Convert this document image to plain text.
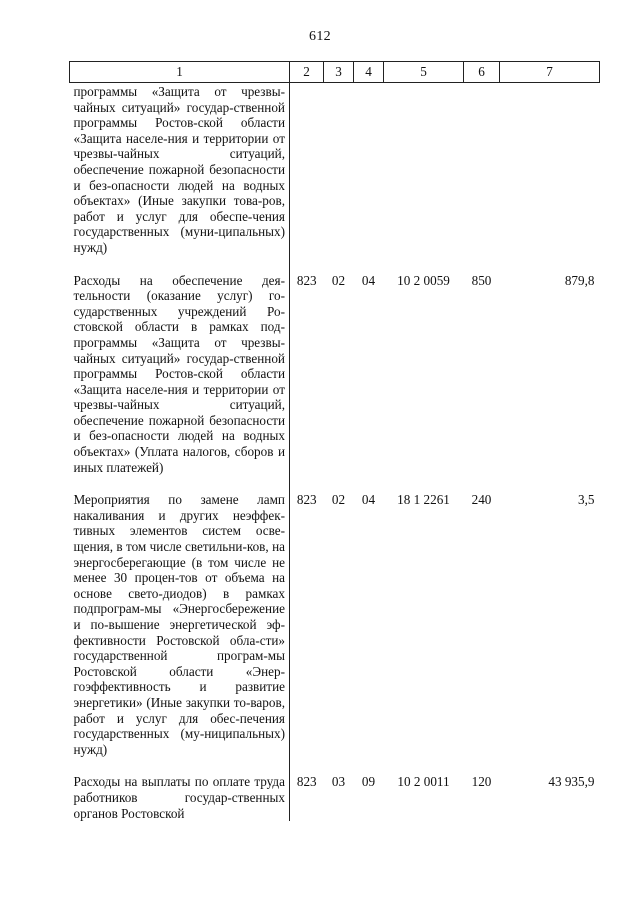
612
1	2	3	4	5	6	7
программы «Защита от чрезвы-чайных ситуаций» государ-ственной программы Ростов-ской области «Защита населе-ния и территории от чрезвы-чайных ситуаций, обеспечение пожарной безопасности и без-опасности людей на водных объектах» (Иные закупки това-ров, работ и услуг для обеспе-чения государственных (муни-ципальных) нужд)						
Расходы на обеспечение дея-тельности (оказание услуг) го-сударственных учреждений Ро-стовской области в рамках под-программы «Защита от чрезвы-чайных ситуаций» государ-ственной программы Ростов-ской области «Защита населе-ния и территории от чрезвы-чайных ситуаций, обеспечение пожарной безопасности и без-опасности людей на водных объектах» (Уплата налогов, сборов и иных платежей)	823	02	04	10 2 0059	850	879,8
Мероприятия по замене ламп накаливания и других неэффек-тивных элементов систем осве-щения, в том числе светильни-ков, на энергосберегающие (в том числе не менее 30 процен-тов от объема на основе свето-диодов) в рамках подпрограм-мы «Энергосбережение и по-вышение энергетической эф-фективности Ростовской обла-сти» государственной програм-мы Ростовской области «Энер-гоэффективность и развитие энергетики» (Иные закупки то-варов, работ и услуг для обес-печения государственных (му-ниципальных) нужд)	823	02	04	18 1 2261	240	3,5
Расходы на выплаты по оплате труда работников государ-ственных органов Ростовской	823	03	09	10 2 0011	120	43 935,9
